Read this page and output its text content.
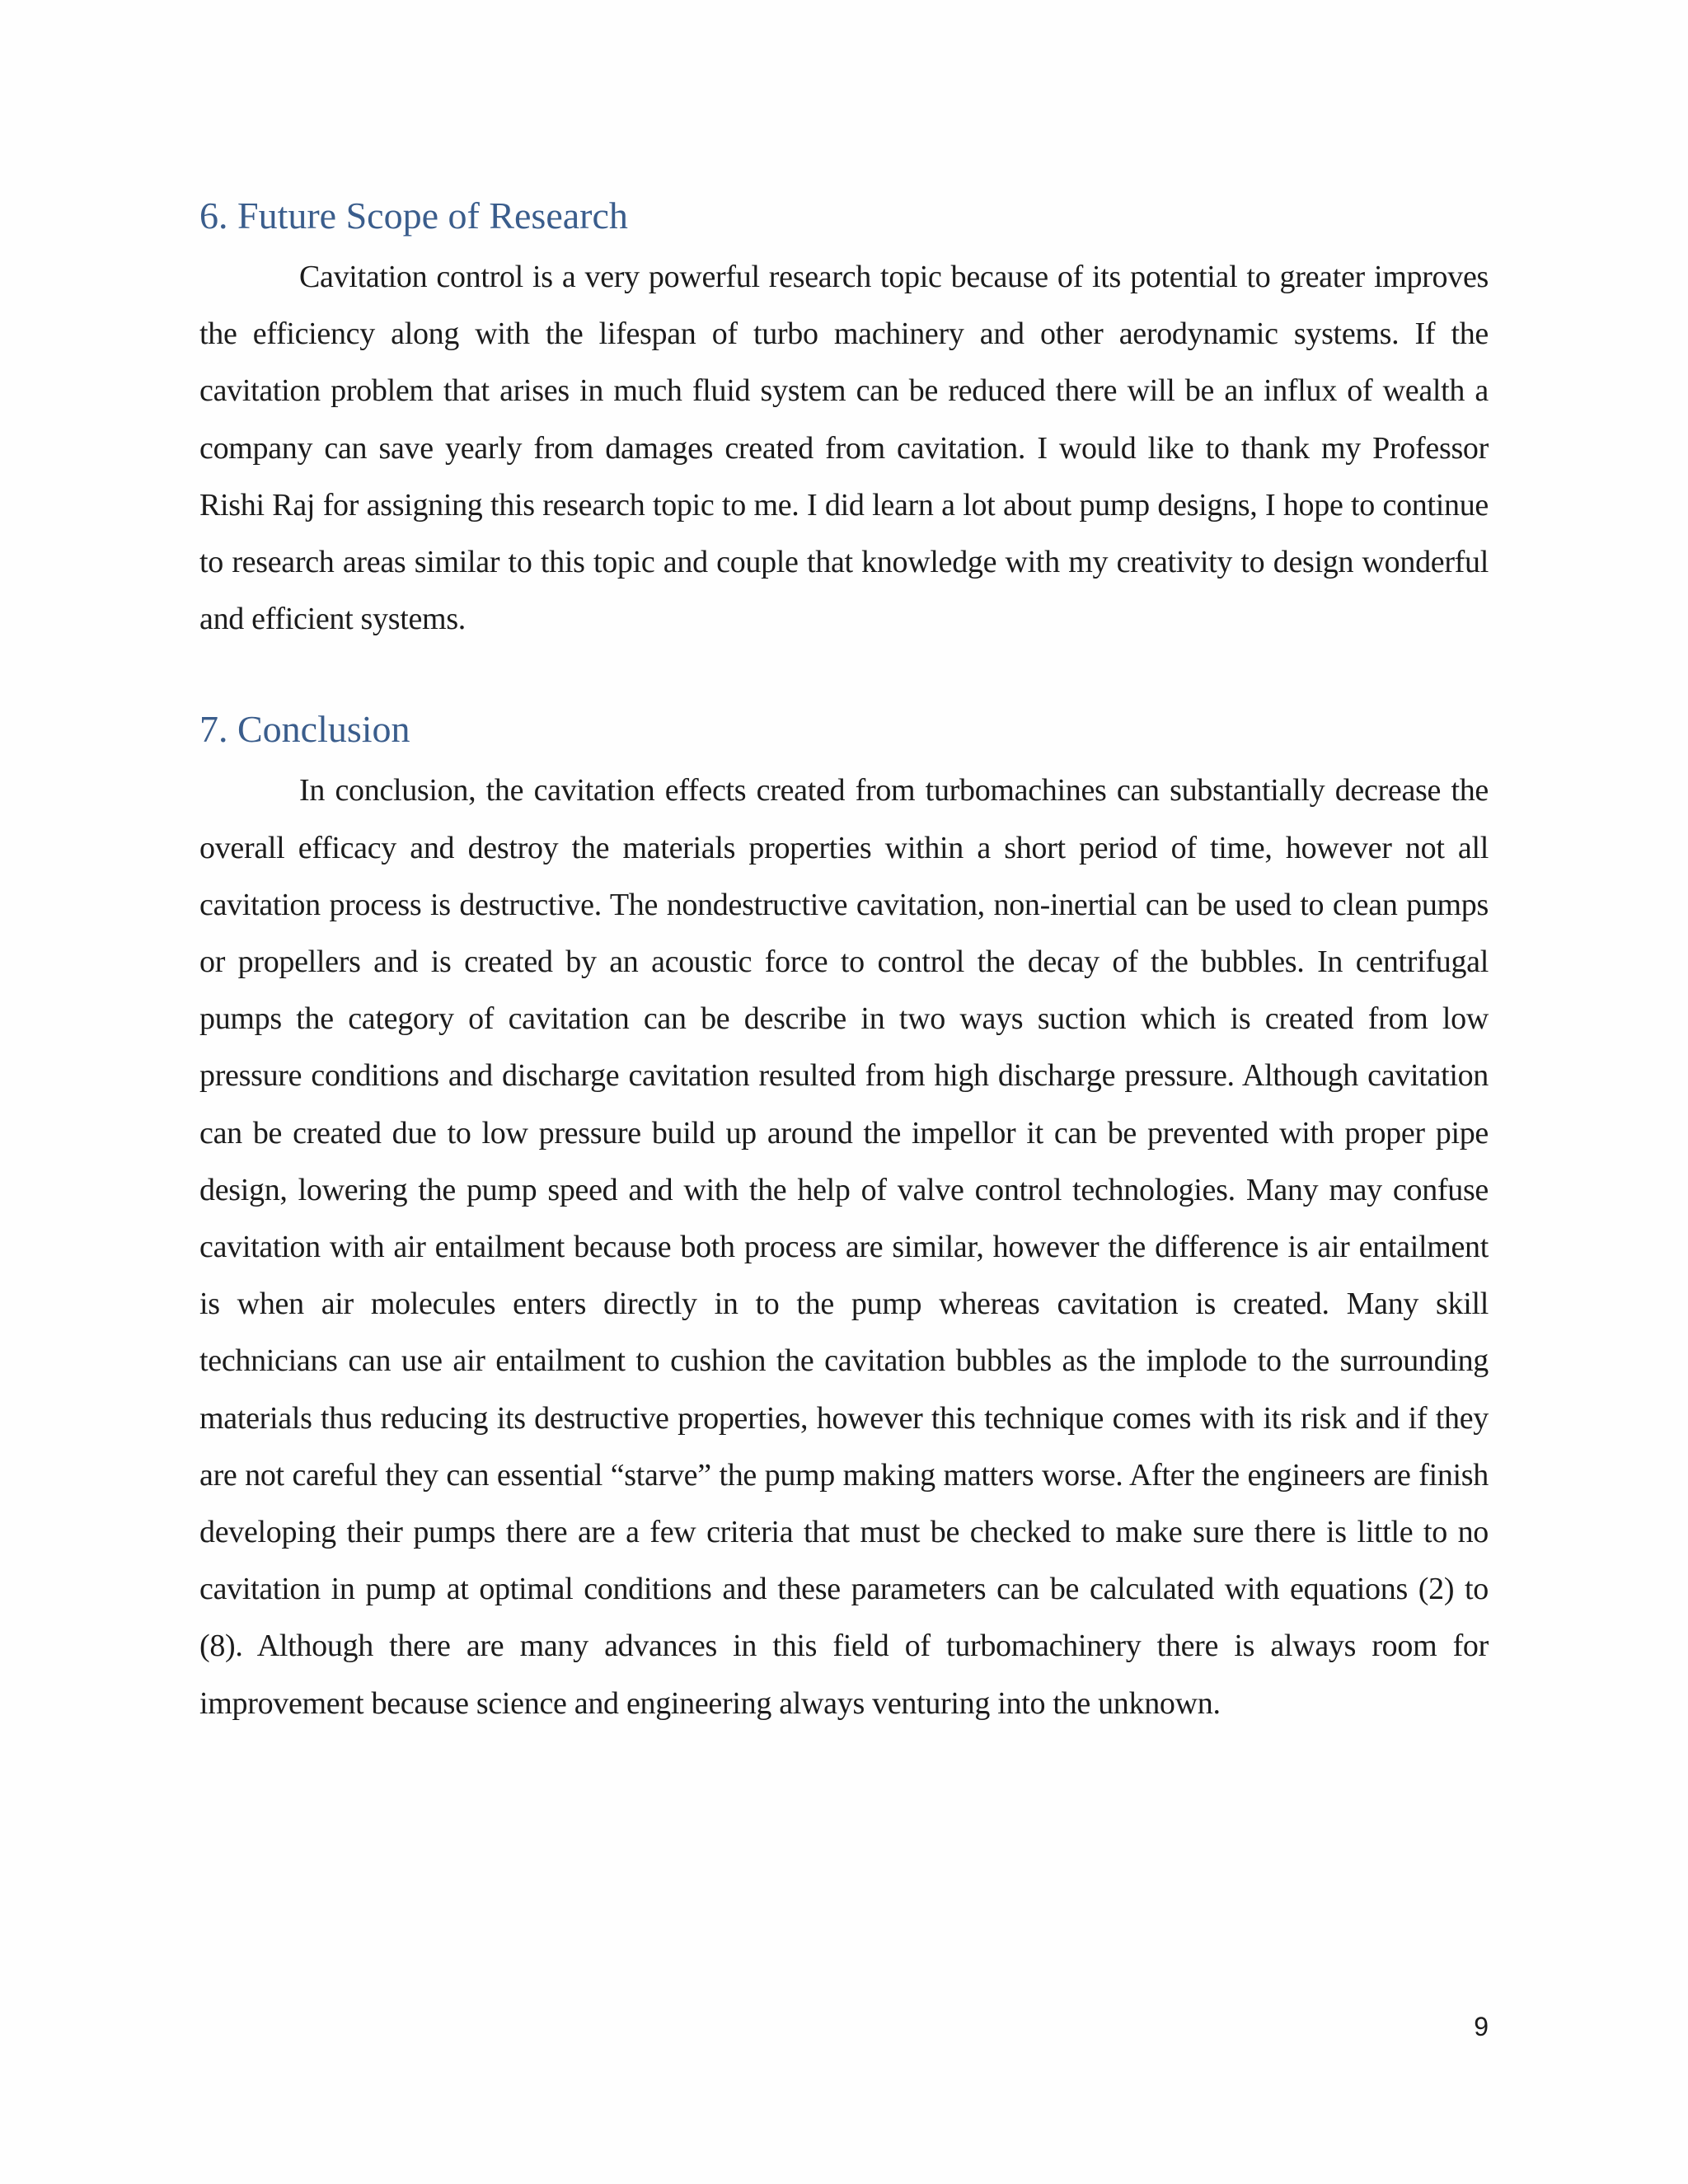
6. Future Scope of Research

Cavitation control is a very powerful research topic because of its potential to greater improves the efficiency along with the lifespan of turbo machinery and other aerodynamic systems. If the cavitation problem that arises in much fluid system can be reduced there will be an influx of wealth a company can save yearly from damages created from cavitation. I would like to thank my Professor Rishi Raj for assigning this research topic to me. I did learn a lot about pump designs, I hope to continue to research areas similar to this topic and couple that knowledge with my creativity to design wonderful and efficient systems.

7. Conclusion

In conclusion, the cavitation effects created from turbomachines can substantially decrease the overall efficacy and destroy the materials properties within a short period of time, however not all cavitation process is destructive. The nondestructive cavitation, non-inertial can be used to clean pumps or propellers and is created by an acoustic force to control the decay of the bubbles. In centrifugal pumps the category of cavitation can be describe in two ways suction which is created from low pressure conditions and discharge cavitation resulted from high discharge pressure. Although cavitation can be created due to low pressure build up around the impellor it can be prevented with proper pipe design, lowering the pump speed and with the help of valve control technologies. Many may confuse cavitation with air entailment because both process are similar, however the difference is air entailment is when air molecules enters directly in to the pump whereas cavitation is created. Many skill technicians can use air entailment to cushion the cavitation bubbles as the implode to the surrounding materials thus reducing its destructive properties, however this technique comes with its risk and if they are not careful they can essential “starve” the pump making matters worse. After the engineers are finish developing their pumps there are a few criteria that must be checked to make sure there is little to no cavitation in pump at optimal conditions and these parameters can be calculated with equations (2) to (8). Although there are many advances in this field of turbomachinery there is always room for improvement because science and engineering always venturing into the unknown.

9
